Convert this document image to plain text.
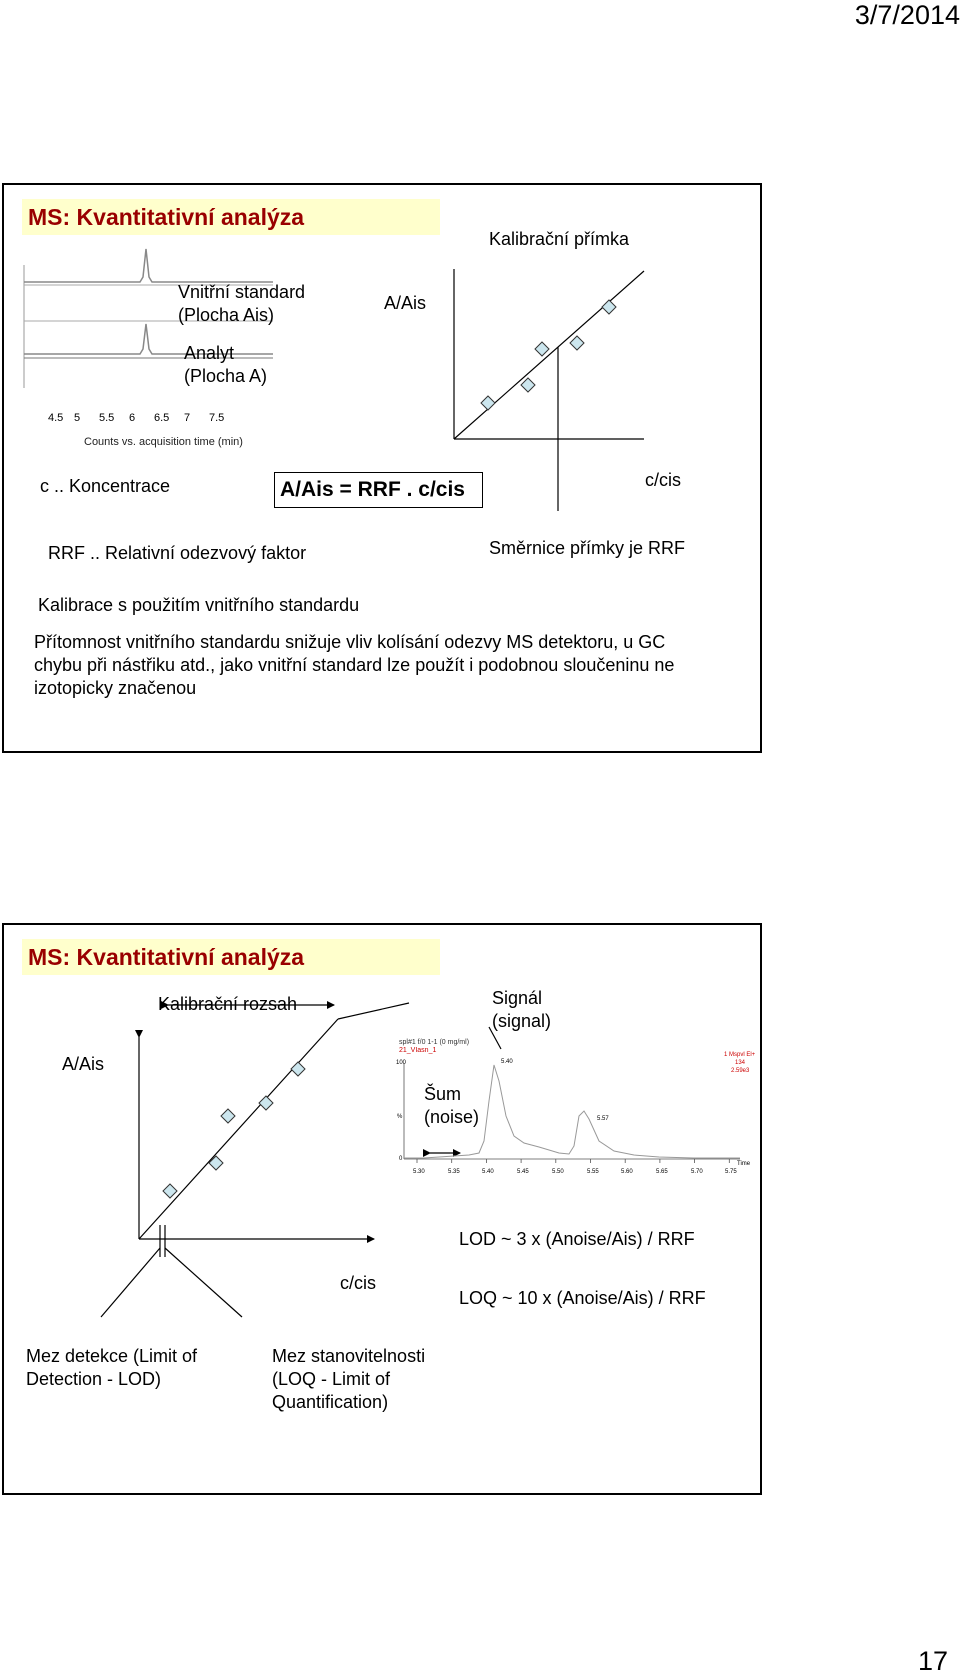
3/7/2014
MS: Kvantitativní analýza
Kalibrační přímka
Vnitřní standard
(Plocha Ais)
Analyt
(Plocha A)
4.5 5 5.5 6 6.5 7 7.5
Counts vs. acquisition time (min)
A/Ais
c/cis
c .. Koncentrace	A/Ais = RRF . c/cis
RRF .. Relativní odezvový faktor	Směrnice přímky je RRF
Kalibrace s použitím vnitřního standardu
Přítomnost vnitřního standardu snižuje vliv kolísání odezvy MS detektoru, u GC chybu při nástřiku atd., jako vnitřní standard lze použít i podobnou sloučeninu ne izotopicky značenou
MS: Kvantitativní analýza
Kalibrační rozsah	Signál
(signal)
A/Ais
spl#1 f/0 1-1 (0 mg/ml)
21_VIasn_1
1 Mspvl El+
134
2.59e3
100
%
0
5.40
5.57
Time
5.30	5.35	5.40	5.45	5.50	5.55	5.60	5.65	5.70	5.75
Šum
(noise)
LOD ~ 3 x (Anoise/Ais) / RRF
c/cis
LOQ ~ 10 x (Anoise/Ais) / RRF
Mez detekce (Limit of Detection - LOD)
Mez stanovitelnosti (LOQ - Limit of Quantification)
17
